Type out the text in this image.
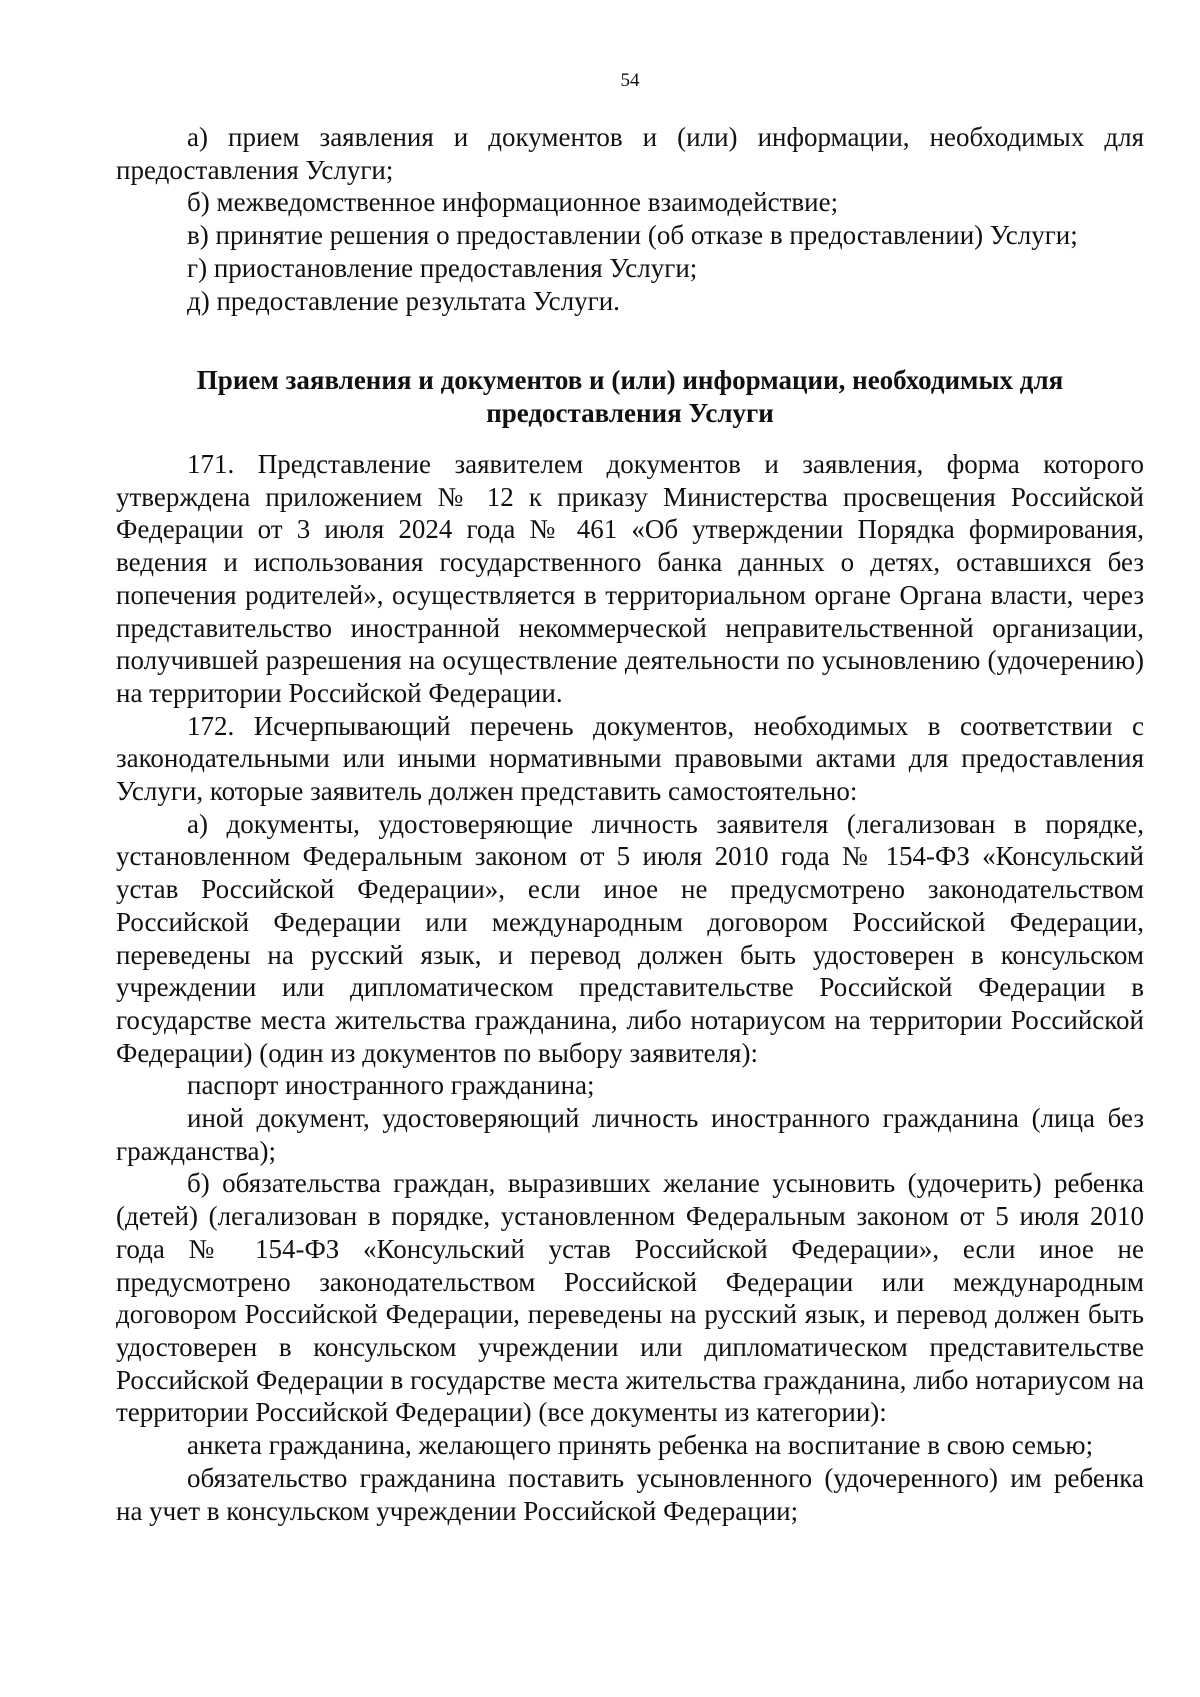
54

а) прием заявления и документов и (или) информации, необходимых для предоставления Услуги;

б) межведомственное информационное взаимодействие;

в) принятие решения о предоставлении (об отказе в предоставлении) Услуги;

г) приостановление предоставления Услуги;

д) предоставление результата Услуги.

Прием заявления и документов и (или) информации, необходимых для
предоставления Услуги

171. Представление заявителем документов и заявления, форма которого утверждена приложением № 12 к приказу Министерства просвещения Российской Федерации от 3 июля 2024 года № 461 «Об утверждении Порядка формирования, ведения и использования государственного банка данных о детях, оставшихся без попечения родителей», осуществляется в территориальном органе Органа власти, через представительство иностранной некоммерческой неправительственной организации, получившей разрешения на осуществление деятельности по усыновлению (удочерению) на территории Российской Федерации.

172. Исчерпывающий перечень документов, необходимых в соответствии с законодательными или иными нормативными правовыми актами для предоставления Услуги, которые заявитель должен представить самостоятельно:

а) документы, удостоверяющие личность заявителя (легализован в порядке, установленном Федеральным законом от 5 июля 2010 года № 154-ФЗ «Консульский устав Российской Федерации», если иное не предусмотрено законодательством Российской Федерации или международным договором Российской Федерации, переведены на русский язык, и перевод должен быть удостоверен в консульском учреждении или дипломатическом представительстве Российской Федерации в государстве места жительства гражданина, либо нотариусом на территории Российской Федерации) (один из документов по выбору заявителя):

паспорт иностранного гражданина;

иной документ, удостоверяющий личность иностранного гражданина (лица без гражданства);

б) обязательства граждан, выразивших желание усыновить (удочерить) ребенка (детей) (легализован в порядке, установленном Федеральным законом от 5 июля 2010 года № 154-ФЗ «Консульский устав Российской Федерации», если иное не предусмотрено законодательством Российской Федерации или международным договором Российской Федерации, переведены на русский язык, и перевод должен быть удостоверен в консульском учреждении или дипломатическом представительстве Российской Федерации в государстве места жительства гражданина, либо нотариусом на территории Российской Федерации) (все документы из категории):

анкета гражданина, желающего принять ребенка на воспитание в свою семью;

обязательство гражданина поставить усыновленного (удочеренного) им ребенка на учет в консульском учреждении Российской Федерации;
